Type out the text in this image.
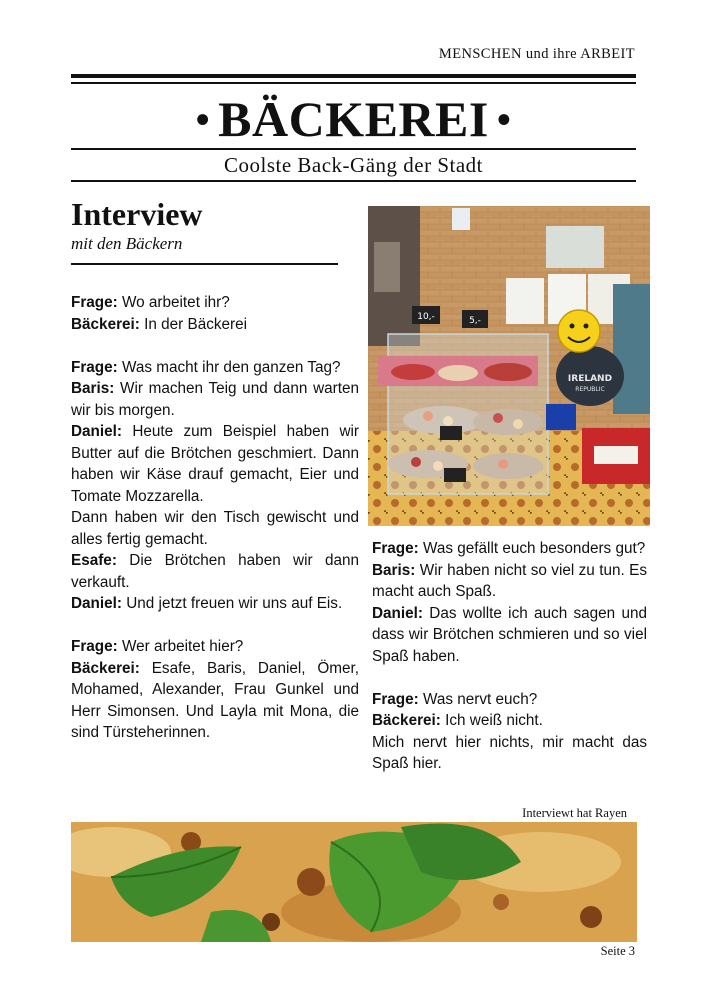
MENSCHEN und ihre ARBEIT
• BÄCKEREI •
Coolste Back-Gäng der Stadt
Interview
mit den Bäckern

Frage: Wo arbeitet ihr?

Bäckerei: In der Bäckerei

Frage: Was macht ihr den ganzen Tag?

Baris: Wir machen Teig und dann warten wir bis morgen.

Daniel: Heute zum Beispiel haben wir Butter auf die Brötchen geschmiert. Dann haben wir Käse drauf gemacht, Eier und Tomate Mozzarella.

Dann haben wir den Tisch gewischt und alles fertig gemacht.

Esafe: Die Brötchen haben wir dann verkauft.

Daniel: Und jetzt freuen wir uns auf Eis.

Frage: Wer arbeitet hier?

Bäckerei: Esafe, Baris, Daniel, Ömer, Mohamed, Alexander, Frau Gunkel und Herr Simonsen. Und Layla mit Mona, die sind Türsteherinnen.

IRELAND
REPUBLIC
10,-	5,-

Frage: Was gefällt euch besonders gut?

Baris: Wir haben nicht so viel zu tun. Es macht auch Spaß.

Daniel: Das wollte ich auch sagen und dass wir Brötchen schmieren und so viel Spaß haben.

Frage: Was nervt euch?

Bäckerei: Ich weiß nicht.

Mich nervt hier nichts, mir macht das Spaß hier.

Interviewt hat Rayen
Seite 3
